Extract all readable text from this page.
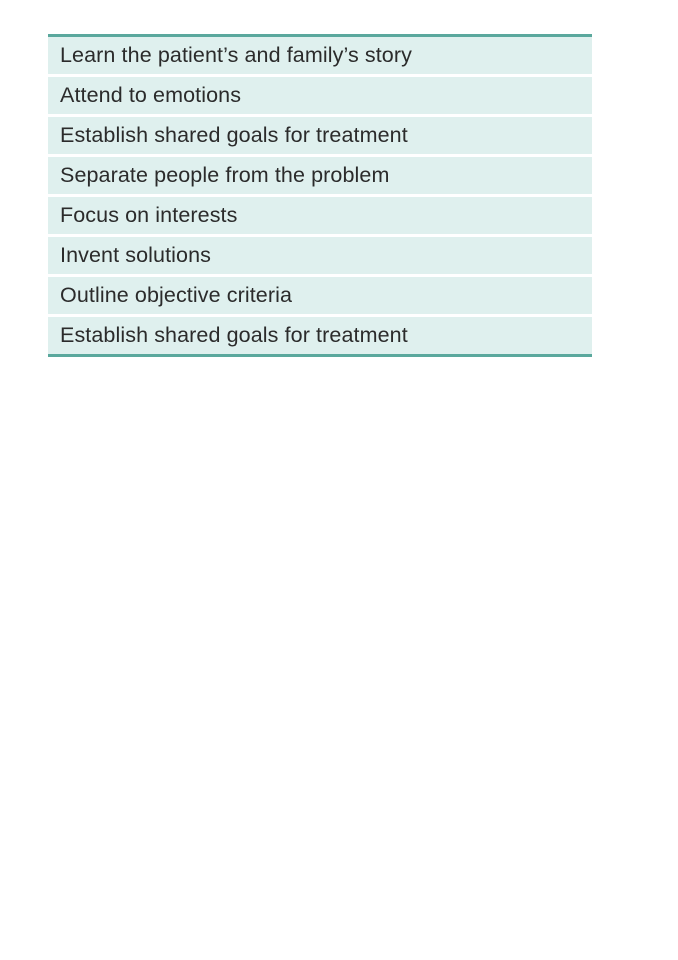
Learn the patient’s and family’s story
Attend to emotions
Establish shared goals for treatment
Separate people from the problem
Focus on interests
Invent solutions
Outline objective criteria
Establish shared goals for treatment
